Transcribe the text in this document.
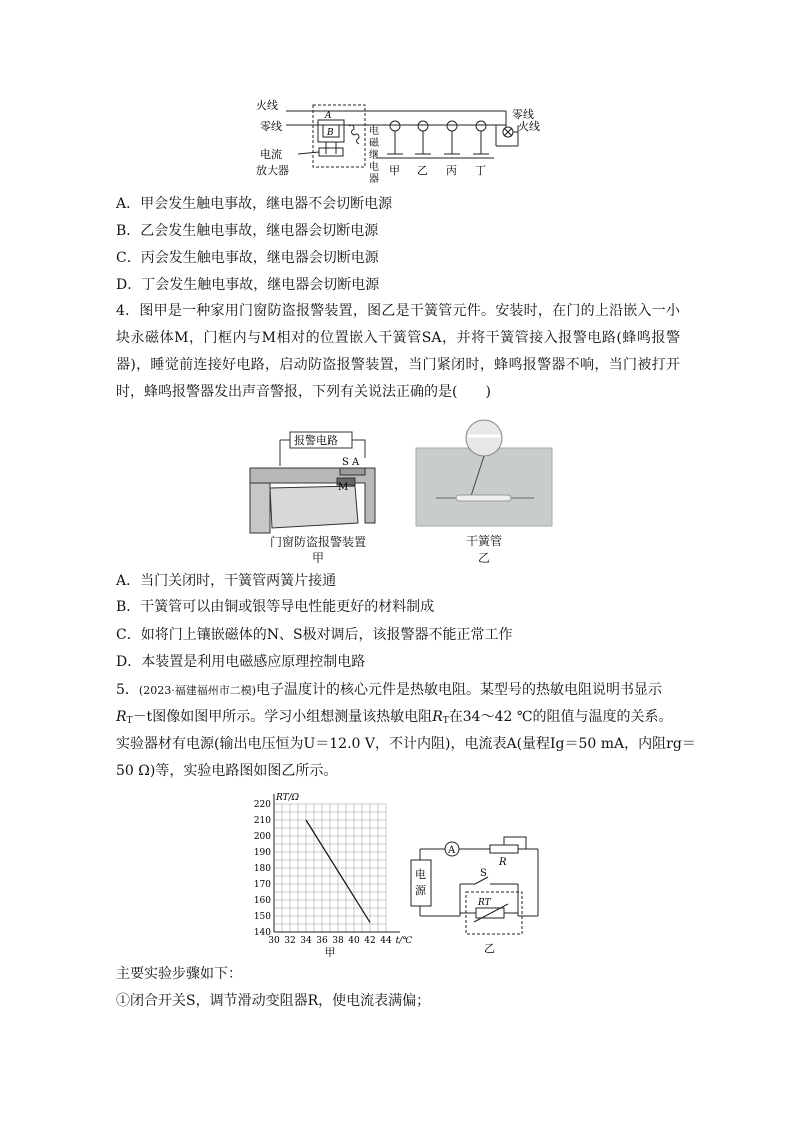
火线
零线
电流
放大器
A
B	电
磁
继
电
器
甲 乙 丙 丁
零线
火线
A．甲会发生触电事故，继电器不会切断电源
B．乙会发生触电事故，继电器会切断电源
C．丙会发生触电事故，继电器会切断电源
D．丁会发生触电事故，继电器会切断电源
4．图甲是一种家用门窗防盗报警装置，图乙是干簧管元件。安装时，在门的上沿嵌入一小块永磁体M，门框内与M相对的位置嵌入干簧管SA，并将干簧管接入报警电路(蜂鸣报警器)，睡觉前连接好电路，启动防盗报警装置，当门紧闭时，蜂鸣报警器不响，当门被打开时，蜂鸣报警器发出声音警报，下列有关说法正确的是(　　)
报警电路
S A
M
门窗防盗报警装置
甲
干簧管
乙
A．当门关闭时，干簧管两簧片接通
B．干簧管可以由铜或银等导电性能更好的材料制成
C．如将门上镶嵌磁体的N、S极对调后，该报警器不能正常工作
D．本装置是利用电磁感应原理控制电路
5．(2023·福建福州市二模)电子温度计的核心元件是热敏电阻。某型号的热敏电阻说明书显示
$R_T-t$图像如图甲所示。学习小组想测量该热敏电阻$R_T$在34～42 ℃的阻值与温度的关系。
实验器材有电源(输出电压恒为U＝12.0 V，不计内阻)，电流表A(量程Ig＝50 mA，内阻rg＝
50 Ω)等，实验电路图如图乙所示。
30 32 34 36 38 40 42 44
140
150
160
170
180
190
200
210
220
t/℃
RT/Ω
甲
A
R
电
源
S
RT
乙
主要实验步骤如下：
①闭合开关S，调节滑动变阻器R，使电流表满偏；
